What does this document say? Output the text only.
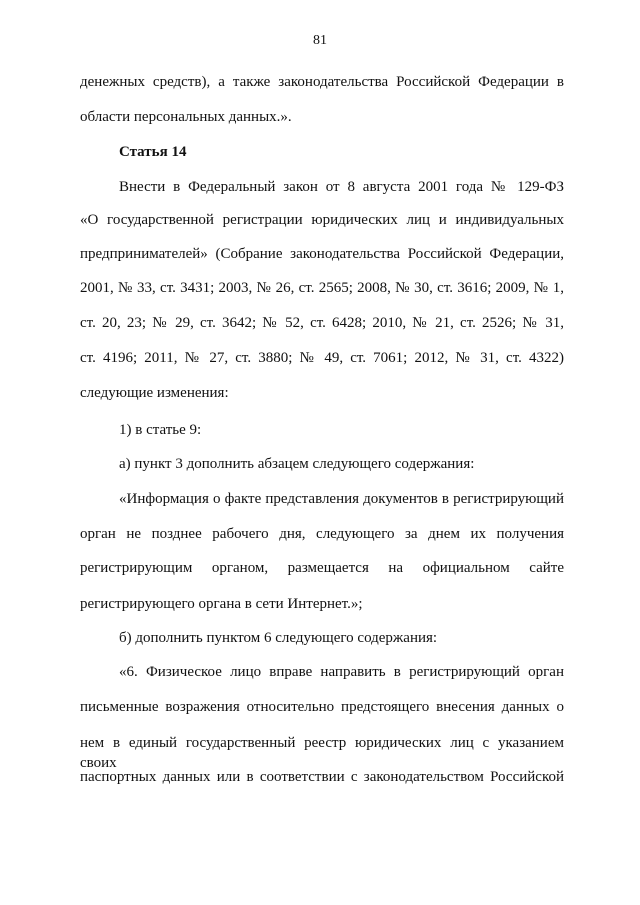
81
денежных средств), а также законодательства Российской Федерации в
области персональных данных.».
Статья 14
Внести в Федеральный закон от 8 августа 2001 года № 129-ФЗ
«О государственной регистрации юридических лиц и индивидуальных
предпринимателей» (Собрание законодательства Российской Федерации,
2001, № 33, ст. 3431; 2003, № 26, ст. 2565; 2008, № 30, ст. 3616; 2009, № 1,
ст. 20, 23; № 29, ст. 3642; № 52, ст. 6428; 2010, № 21, ст. 2526; № 31,
ст. 4196; 2011, № 27, ст. 3880; № 49, ст. 7061; 2012, № 31, ст. 4322)
следующие изменения:
1) в статье 9:
а) пункт 3 дополнить абзацем следующего содержания:
«Информация о факте представления документов в регистрирующий
орган не позднее рабочего дня, следующего за днем их получения
регистрирующим органом, размещается на официальном сайте
регистрирующего органа в сети Интернет.»;
б) дополнить пунктом 6 следующего содержания:
«6. Физическое лицо вправе направить в регистрирующий орган
письменные возражения относительно предстоящего внесения данных о
нем в единый государственный реестр юридических лиц с указанием своих
паспортных данных или в соответствии с законодательством Российской
